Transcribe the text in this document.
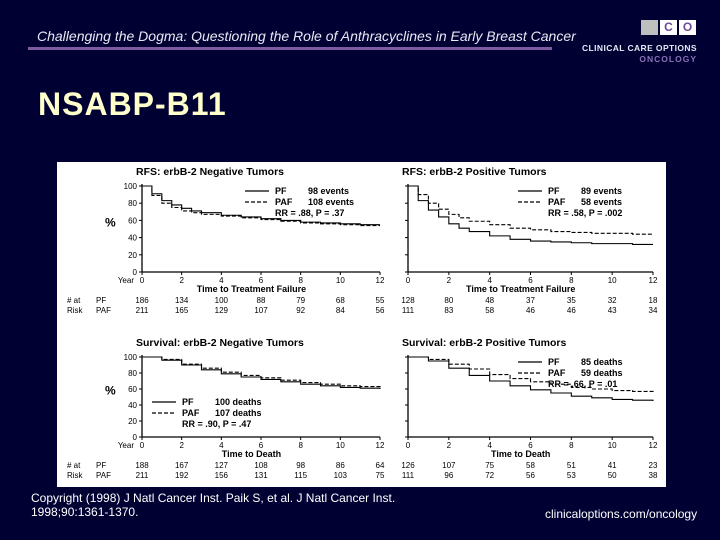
Challenging the Dogma: Questioning the Role of Anthracyclines in Early Breast Cancer
C C O
CLINICAL CARE OPTIONS
ONCOLOGY
NSABP-B11
RFS: erbB-2 Negative Tumors
100
80
60
40
20
0
%
0	2	4	6	8	10	12
Year
Time to Treatment Failure
PF 98 events
PAF 108 events
RR = .88, P = .37
# at
Risk
PF	186	134	100	88	79	68	55
PAF	211	165	129	107	92	84	56
RFS: erbB-2 Positive Tumors
0	2	4	6	8	10	12
Time to Treatment Failure
PF 89 events
PAF 58 events
RR = .58, P = .002
128	80	48	37	35	32	18
111	83	58	46	46	43	34
Survival: erbB-2 Negative Tumors
100
80
60
40
20
0
%
0	2	4	6	8	10	12
Year
Time to Death
PF 100 deaths
PAF 107 deaths
RR = .90, P = .47
# at
Risk
PF	188	167	127	108	98	86	64
PAF	211	192	156	131	115	103	75
Survival: erbB-2 Positive Tumors
0	2	4	6	8	10	12
Time to Death
PF 85 deaths
PAF 59 deaths
RR = .66, P = .01
126	107	75	58	51	41	23
111	96	72	56	53	50	38
Copyright (1998) J Natl Cancer Inst. Paik S, et al. J Natl Cancer Inst.
1998;90:1361-1370.	clinicaloptions.com/oncology
